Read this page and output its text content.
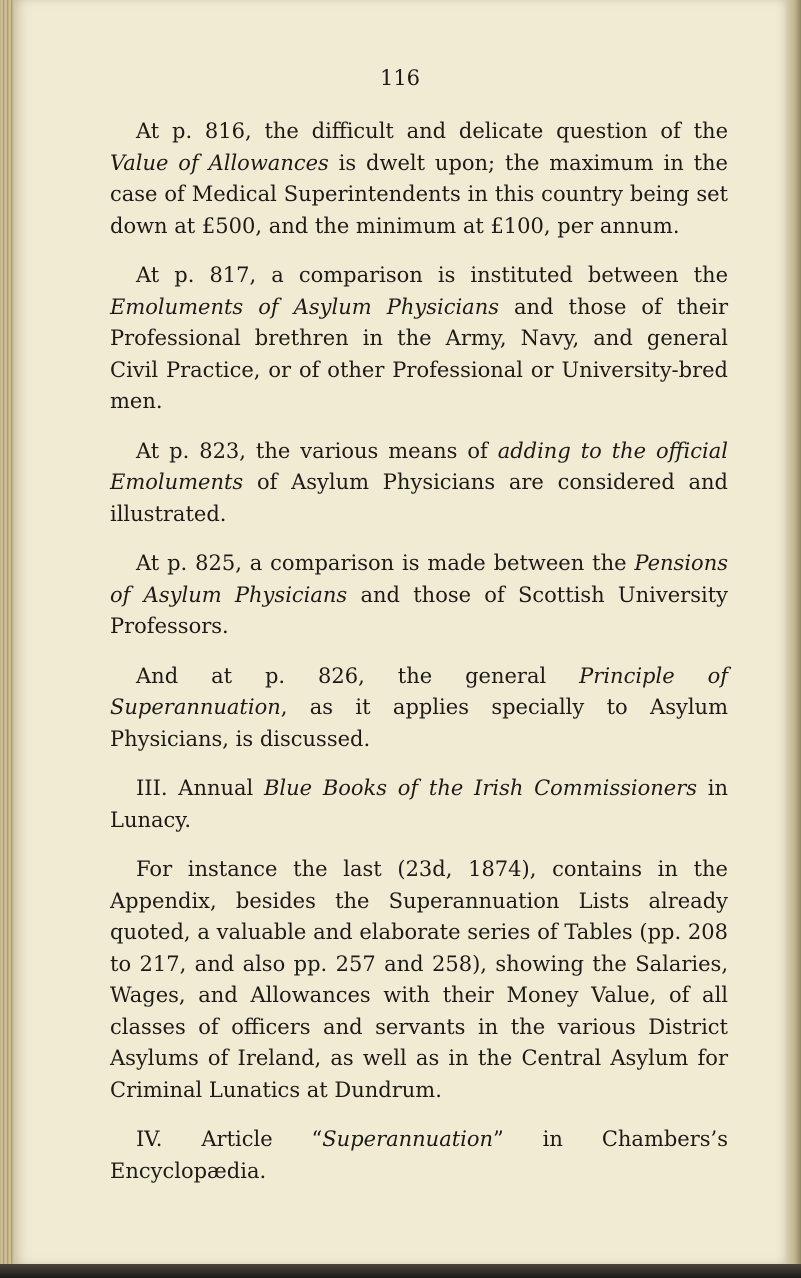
116

At p. 816, the difficult and delicate question of the Value of Allowances is dwelt upon; the maximum in the case of Medical Superintendents in this country being set down at £500, and the minimum at £100, per annum.

At p. 817, a comparison is instituted between the Emoluments of Asylum Physicians and those of their Professional brethren in the Army, Navy, and general Civil Practice, or of other Professional or University-bred men.

At p. 823, the various means of adding to the official Emoluments of Asylum Physicians are considered and illustrated.

At p. 825, a comparison is made between the Pensions of Asylum Physicians and those of Scottish University Professors.

And at p. 826, the general Principle of Superannuation, as it applies specially to Asylum Physicians, is discussed.

III. Annual Blue Books of the Irish Commissioners in Lunacy.

For instance the last (23d, 1874), contains in the Appendix, besides the Superannuation Lists already quoted, a valuable and elaborate series of Tables (pp. 208 to 217, and also pp. 257 and 258), showing the Salaries, Wages, and Allowances with their Money Value, of all classes of officers and servants in the various District Asylums of Ireland, as well as in the Central Asylum for Criminal Lunatics at Dundrum.

IV. Article “Superannuation” in Chambers’s Encyclopædia.
